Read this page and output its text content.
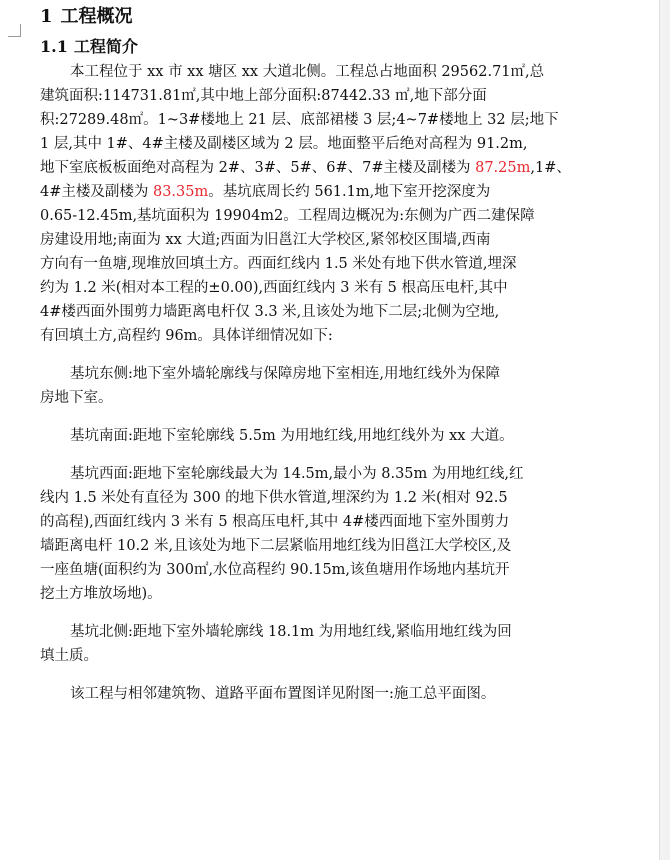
1 工程概况
1.1 工程简介
本工程位于 xx 市 xx 塘区 xx 大道北侧。工程总占地面积 29562.71㎡,总
建筑面积:114731.81㎡,其中地上部分面积:87442.33 ㎡,地下部分面
积:27289.48㎡。1~3#楼地上 21 层、底部裙楼 3 层;4~7#楼地上 32 层;地下
1 层,其中 1#、4#主楼及副楼区域为 2 层。地面整平后绝对高程为 91.2m,
地下室底板板面绝对高程为 2#、3#、5#、6#、7#主楼及副楼为 87.25m,1#、
4#主楼及副楼为 83.35m。基坑底周长约 561.1m,地下室开挖深度为
0.65-12.45m,基坑面积为 19904m2。工程周边概况为:东侧为广西二建保障
房建设用地;南面为 xx 大道;西面为旧邕江大学校区,紧邻校区围墙,西南
方向有一鱼塘,现堆放回填土方。西面红线内 1.5 米处有地下供水管道,埋深
约为 1.2 米(相对本工程的±0.00),西面红线内 3 米有 5 根高压电杆,其中
4#楼西面外围剪力墙距离电杆仅 3.3 米,且该处为地下二层;北侧为空地,
有回填土方,高程约 96m。具体详细情况如下:
基坑东侧:地下室外墙轮廓线与保障房地下室相连,用地红线外为保障
房地下室。
基坑南面:距地下室轮廓线 5.5m 为用地红线,用地红线外为 xx 大道。
基坑西面:距地下室轮廓线最大为 14.5m,最小为 8.35m 为用地红线,红
线内 1.5 米处有直径为 300 的地下供水管道,埋深约为 1.2 米(相对 92.5
的高程),西面红线内 3 米有 5 根高压电杆,其中 4#楼西面地下室外围剪力
墙距离电杆 10.2 米,且该处为地下二层紧临用地红线为旧邕江大学校区,及
一座鱼塘(面积约为 300㎡,水位高程约 90.15m,该鱼塘用作场地内基坑开
挖土方堆放场地)。
基坑北侧:距地下室外墙轮廓线 18.1m 为用地红线,紧临用地红线为回
填土质。
该工程与相邻建筑物、道路平面布置图详见附图一:施工总平面图。
